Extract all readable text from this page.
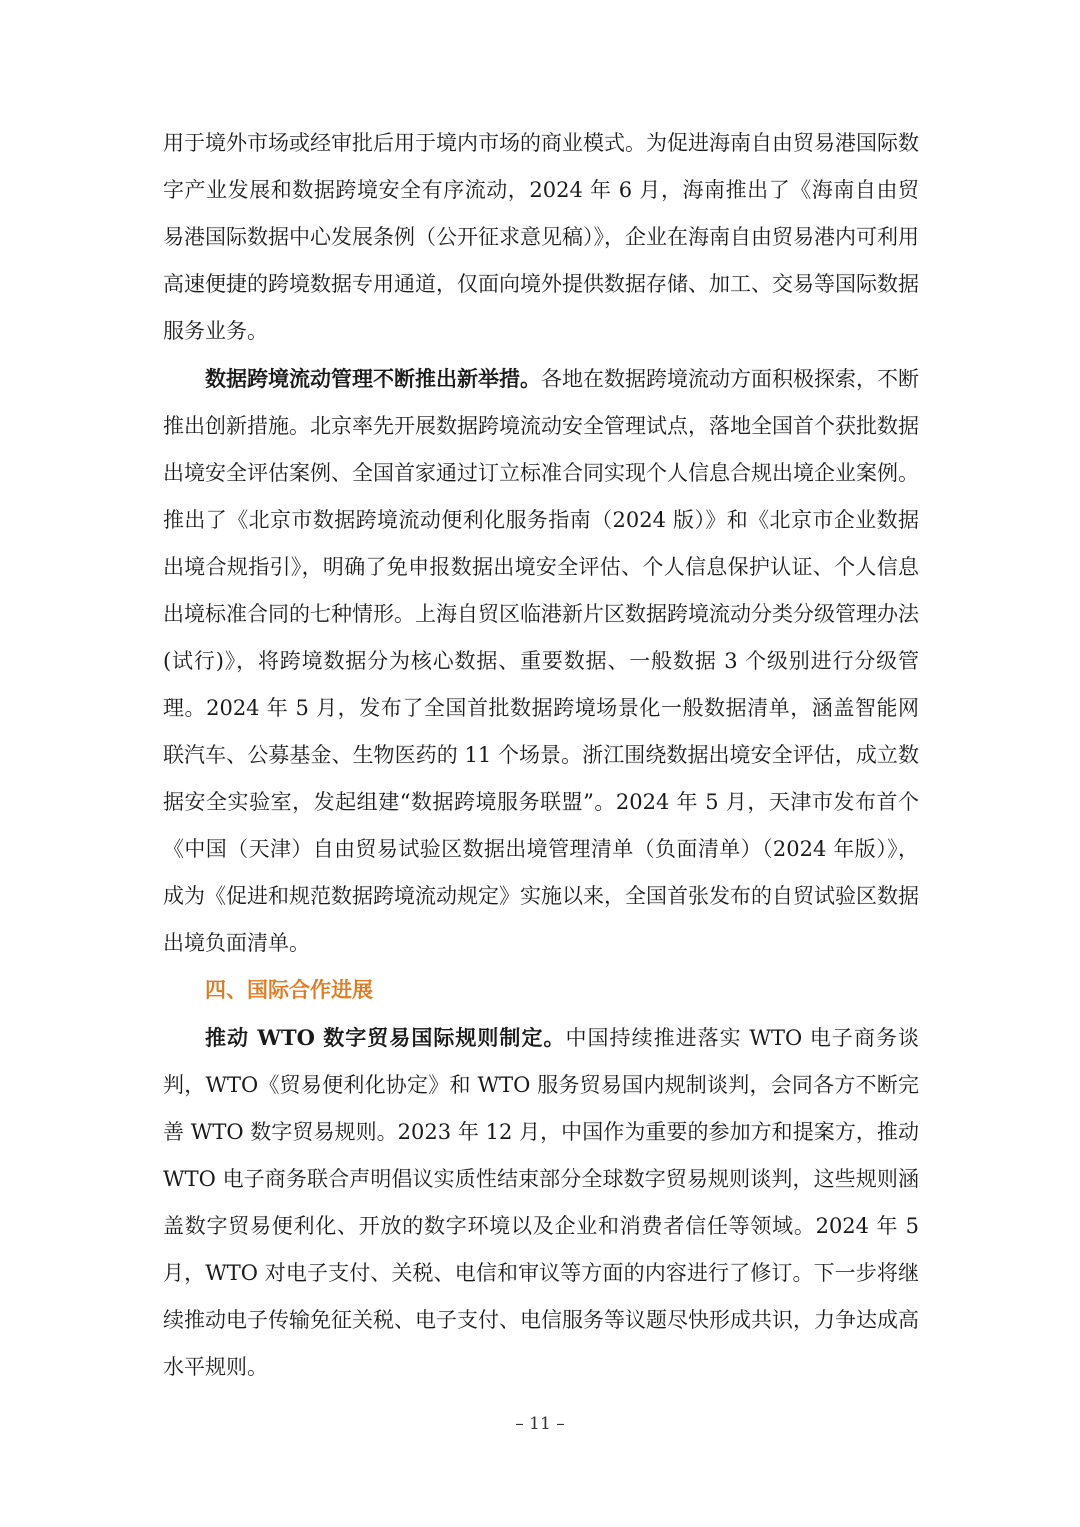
用于境外市场或经审批后用于境内市场的商业模式。为促进海南自由贸易港国际数字产业发展和数据跨境安全有序流动，2024 年 6 月，海南推出了《海南自由贸易港国际数据中心发展条例（公开征求意见稿）》，企业在海南自由贸易港内可利用高速便捷的跨境数据专用通道，仅面向境外提供数据存储、加工、交易等国际数据服务业务。

数据跨境流动管理不断推出新举措。各地在数据跨境流动方面积极探索，不断推出创新措施。北京率先开展数据跨境流动安全管理试点，落地全国首个获批数据出境安全评估案例、全国首家通过订立标准合同实现个人信息合规出境企业案例。推出了《北京市数据跨境流动便利化服务指南（2024 版）》和《北京市企业数据出境合规指引》，明确了免申报数据出境安全评估、个人信息保护认证、个人信息出境标准合同的七种情形。上海自贸区临港新片区数据跨境流动分类分级管理办法(试行)》，将跨境数据分为核心数据、重要数据、一般数据 3 个级别进行分级管理。2024 年 5 月，发布了全国首批数据跨境场景化一般数据清单，涵盖智能网联汽车、公募基金、生物医药的 11 个场景。浙江围绕数据出境安全评估，成立数据安全实验室，发起组建“数据跨境服务联盟”。2024 年 5 月，天津市发布首个《中国（天津）自由贸易试验区数据出境管理清单（负面清单）（2024 年版）》，成为《促进和规范数据跨境流动规定》实施以来，全国首张发布的自贸试验区数据出境负面清单。

四、国际合作进展

推动 WTO 数字贸易国际规则制定。中国持续推进落实 WTO 电子商务谈判，WTO《贸易便利化协定》和 WTO 服务贸易国内规制谈判，会同各方不断完善 WTO 数字贸易规则。2023 年 12 月，中国作为重要的参加方和提案方，推动 WTO 电子商务联合声明倡议实质性结束部分全球数字贸易规则谈判，这些规则涵盖数字贸易便利化、开放的数字环境以及企业和消费者信任等领域。2024 年 5 月，WTO 对电子支付、关税、电信和审议等方面的内容进行了修订。下一步将继续推动电子传输免征关税、电子支付、电信服务等议题尽快形成共识，力争达成高水平规则。

– 11 –
